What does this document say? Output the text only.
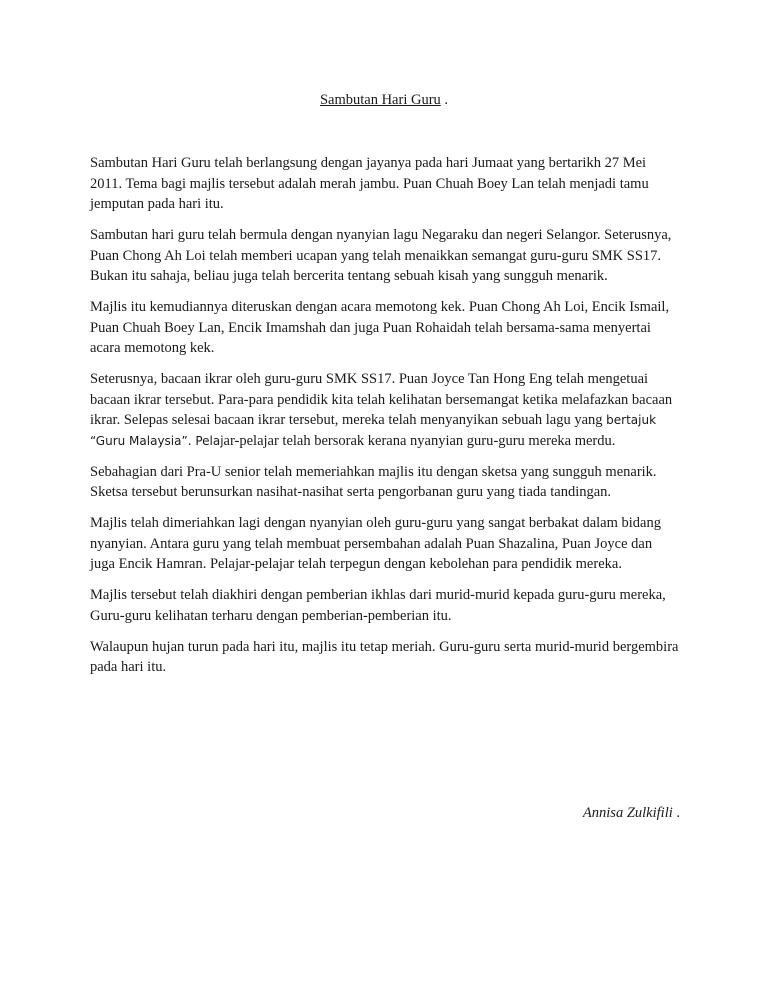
Sambutan Hari Guru .

Sambutan Hari Guru telah berlangsung dengan jayanya pada hari Jumaat yang bertarikh 27 Mei 2011. Tema bagi majlis tersebut adalah merah jambu. Puan Chuah Boey Lan telah menjadi tamu jemputan pada hari itu.

Sambutan hari guru telah bermula dengan nyanyian lagu Negaraku dan negeri Selangor. Seterusnya, Puan Chong Ah Loi telah memberi ucapan yang telah menaikkan semangat guru-guru SMK SS17. Bukan itu sahaja, beliau juga telah bercerita tentang sebuah kisah yang sungguh menarik.

Majlis itu kemudiannya diteruskan dengan acara memotong kek. Puan Chong Ah Loi, Encik Ismail, Puan Chuah Boey Lan, Encik Imamshah dan juga Puan Rohaidah telah bersama-sama menyertai acara memotong kek.

Seterusnya, bacaan ikrar oleh guru-guru SMK SS17. Puan Joyce Tan Hong Eng telah mengetuai bacaan ikrar tersebut. Para-para pendidik kita telah kelihatan bersemangat ketika melafazkan bacaan ikrar. Selepas selesai bacaan ikrar tersebut, mereka telah menyanyikan sebuah lagu yang bertajuk “Guru Malaysia”. Pelajar-pelajar telah bersorak kerana nyanyian guru-guru mereka merdu.

Sebahagian dari Pra-U senior telah memeriahkan majlis itu dengan sketsa yang sungguh menarik. Sketsa tersebut berunsurkan nasihat-nasihat serta pengorbanan guru yang tiada tandingan.

Majlis telah dimeriahkan lagi dengan nyanyian oleh guru-guru yang sangat berbakat dalam bidang nyanyian. Antara guru yang telah membuat persembahan adalah Puan Shazalina, Puan Joyce dan juga Encik Hamran. Pelajar-pelajar telah terpegun dengan kebolehan para pendidik mereka.

Majlis tersebut telah diakhiri dengan pemberian ikhlas dari murid-murid kepada guru-guru mereka, Guru-guru kelihatan terharu dengan pemberian-pemberian itu.

Walaupun hujan turun pada hari itu, majlis itu tetap meriah. Guru-guru serta murid-murid bergembira pada hari itu.

Annisa Zulkifili .
